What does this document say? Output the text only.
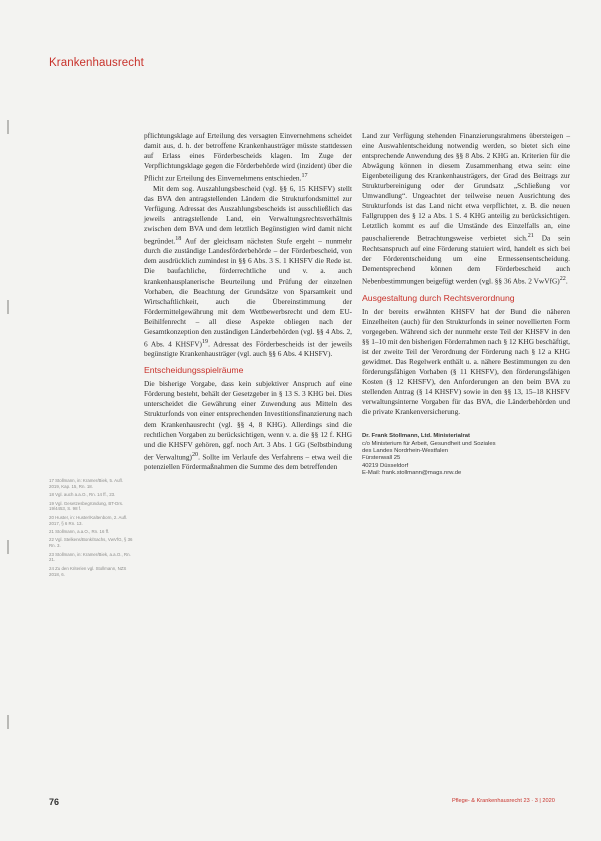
Krankenhausrecht

pflichtungsklage auf Erteilung des versagten Einvernehmens scheidet damit aus, d. h. der betroffene Krankenhausträger müsste stattdessen auf Erlass eines Förderbescheids klagen. Im Zuge der Verpflichtungsklage gegen die Förderbehörde wird (inzident) über die Pflicht zur Erteilung des Einvernehmens entschieden.$^{17}$

Mit dem sog. Auszahlungsbescheid (vgl. §§ 6, 15 KHSFV) stellt das BVA den antragstellenden Ländern die Strukturfondsmittel zur Verfügung. Adressat des Auszahlungsbescheids ist ausschließlich das jeweils antragstellende Land, ein Verwaltungsrechtsverhältnis zwischen dem BVA und dem letztlich Begünstigten wird damit nicht begründet.$^{18}$ Auf der gleichsam nächsten Stufe ergeht – nunmehr durch die zuständige Landesförderbehörde – der Förderbescheid, von dem ausdrücklich zumindest in §§ 6 Abs. 3 S. 1 KHSFV die Rede ist. Die baufachliche, förderrechtliche und v. a. auch krankenhausplanerische Beurteilung und Prüfung der einzelnen Vorhaben, die Beachtung der Grundsätze von Sparsamkeit und Wirtschaftlichkeit, auch die Übereinstimmung der Fördermittelgewährung mit dem Wettbewerbsrecht und dem EU-Beihilfenrecht – all diese Aspekte obliegen nach der Gesamtkonzeption den zuständigen Länderbehörden (vgl. §§ 4 Abs. 2, 6 Abs. 4 KHSFV)$^{19}$. Adressat des Förderbescheids ist der jeweils begünstigte Krankenhausträger (vgl. auch §§ 6 Abs. 4 KHSFV).

Entscheidungsspielräume

Die bisherige Vorgabe, dass kein subjektiver Anspruch auf eine Förderung besteht, behält der Gesetzgeber in § 13 S. 3 KHG bei. Dies unterscheidet die Gewährung einer Zuwendung aus Mitteln des Strukturfonds von einer entsprechenden Investitionsfinanzierung nach dem Krankenhausrecht (vgl. §§ 4, 8 KHG). Allerdings sind die rechtlichen Vorgaben zu berücksichtigen, wenn v. a. die §§ 12 f. KHG und die KHSFV gehören, ggf. noch Art. 3 Abs. 1 GG (Selbstbindung der Verwaltung)$^{20}$. Sollte im Verlaufe des Verfahrens – etwa weil die potenziellen Fördermaßnahmen die Summe des dem betreffenden

Land zur Verfügung stehenden Finanzierungsrahmens übersteigen – eine Auswahlentscheidung notwendig werden, so bietet sich eine entsprechende Anwendung des §§ 8 Abs. 2 KHG an. Kriterien für die Abwägung können in diesem Zusammenhang etwa sein: eine Eigenbeteiligung des Krankenhausträgers, der Grad des Beitrags zur Strukturbereinigung oder der Grundsatz „Schließung vor Umwandlung“. Ungeachtet der teilweise neuen Ausrichtung des Strukturfonds ist das Land nicht etwa verpflichtet, z. B. die neuen Fallgruppen des § 12 a Abs. 1 S. 4 KHG anteilig zu berücksichtigen. Letztlich kommt es auf die Umstände des Einzelfalls an, eine pauschalierende Betrachtungsweise verbietet sich.$^{21}$ Da sein Rechtsanspruch auf eine Förderung statuiert wird, handelt es sich bei der Förderentscheidung um eine Ermessensentscheidung. Dementsprechend können dem Förderbescheid auch Nebenbestimmungen beigefügt werden (vgl. §§ 36 Abs. 2 VwVfG)$^{22}$.

Ausgestaltung durch Rechtsverordnung

In der bereits erwähnten KHSFV hat der Bund die näheren Einzelheiten (auch) für den Strukturfonds in seiner novellierten Form vorgegeben. Während sich der nunmehr erste Teil der KHSFV in den §§ 1–10 mit den bisherigen Förderrahmen nach § 12 KHG beschäftigt, ist der zweite Teil der Verordnung der Förderung nach § 12 a KHG gewidmet. Das Regelwerk enthält u. a. nähere Bestimmungen zu den förderungsfähigen Vorhaben (§ 11 KHSFV), den förderungsfähigen Kosten (§ 12 KHSFV), den Anforderungen an den beim BVA zu stellenden Antrag (§ 14 KHSFV) sowie in den §§ 13, 15–18 KHSFV verwaltungsinterne Vorgaben für das BVA, die Länderbehörden und die private Krankenversicherung.

Dr. Frank Stollmann, Ltd. Ministerialrat
c/o Ministerium für Arbeit, Gesundheit und Soziales
des Landes Nordrhein-Westfalen
Fürstenwall 25
40219 Düsseldorf
E-Mail: frank.stollmann@mags.nrw.de
17 Stollmann, in: Kramer/Biek, 5. Aufl. 2019, Kap. 15, Rn. 18.
18 Vgl. auch a.a.O., Rn. 14 ff., 23.
19 Vgl. Gesetzesbegründung, BT-Drs. 19/4453, S. 98 f.
20 Huster, in: Huster/Kaltenborn, 2. Aufl. 2017, § 6 Rn. 13.
21 Stollmann, a.a.O., Rn. 16 ff.
22 Vgl. Stelkens/Bonk/Sachs, VwVfG, § 36 Rn. 3.
23 Stollmann, in: Kramer/Biek, a.a.O., Rn. 21.
24 Zu den Kriterien vgl. Stollmann, NZS 2018, 6.
76	Pflege- & Krankenhausrecht 23 · 3 | 2020
